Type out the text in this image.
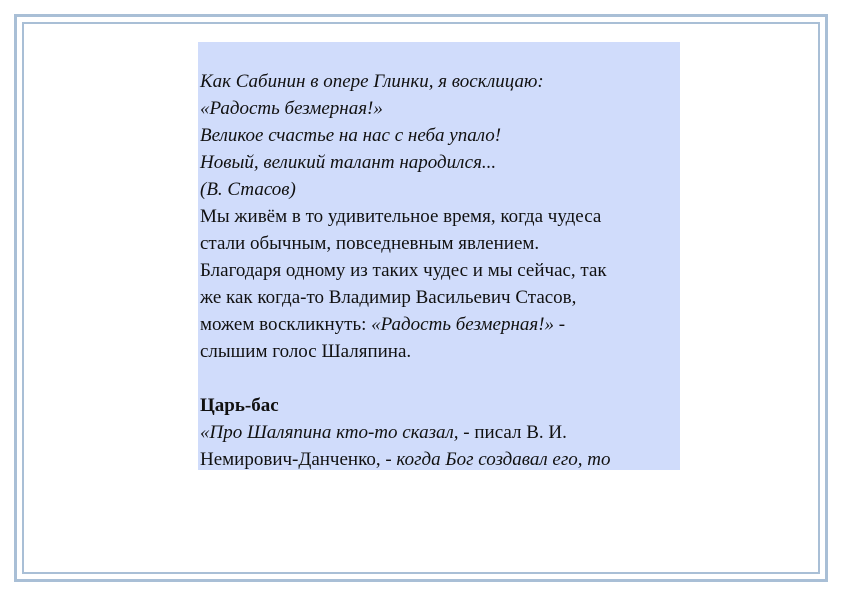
Как Сабинин в опере Глинки, я восклицаю:
«Радость безмерная!»
Великое счастье на нас с неба упало!
Новый, великий талант народился...
(В. Стасов)
Мы живём в то удивительное время, когда чудеса
стали обычным, повседневным явлением.
Благодаря одному из таких чудес и мы сейчас, так
же как когда-то Владимир Васильевич Стасов,
можем воскликнуть: «Радость безмерная!» -
слышим голос Шаляпина.
Царь-бас
«Про Шаляпина кто-то сказал, - писал В. И.
Немирович-Данченко, - когда Бог создавал его, то
